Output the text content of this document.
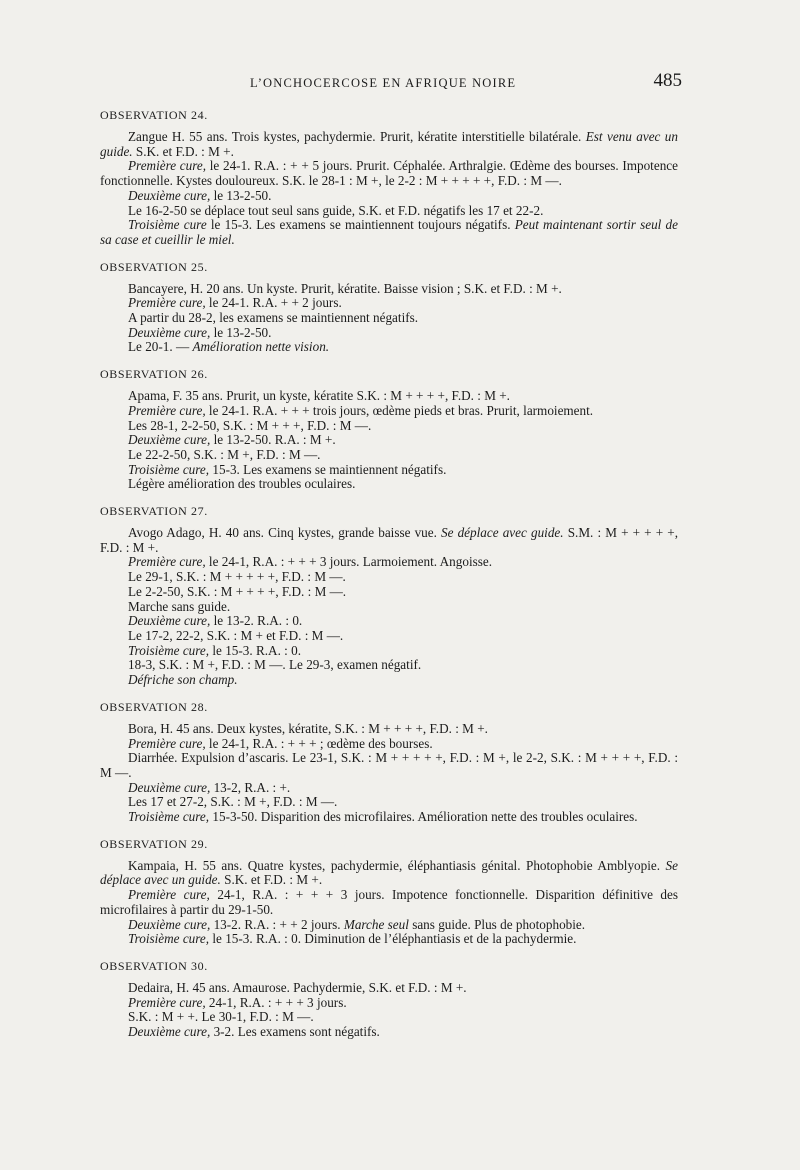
L’ONCHOCERCOSE EN AFRIQUE NOIRE	485
OBSERVATION 24.

Zangue H. 55 ans. Trois kystes, pachydermie. Prurit, kératite interstitielle bilatérale. Est venu avec un guide. S.K. et F.D. : M +.

Première cure, le 24-1. R.A. : + + 5 jours. Prurit. Céphalée. Arthralgie. Œdème des bourses. Impotence fonctionnelle. Kystes douloureux. S.K. le 28-1 : M +, le 2-2 : M + + + + +, F.D. : M —.

Deuxième cure, le 13-2-50.

Le 16-2-50 se déplace tout seul sans guide, S.K. et F.D. négatifs les 17 et 22-2.

Troisième cure le 15-3. Les examens se maintiennent toujours négatifs. Peut maintenant sortir seul de sa case et cueillir le miel.

OBSERVATION 25.

Bancayere, H. 20 ans. Un kyste. Prurit, kératite. Baisse vision ; S.K. et F.D. : M +.

Première cure, le 24-1. R.A. + + 2 jours.

A partir du 28-2, les examens se maintiennent négatifs.

Deuxième cure, le 13-2-50.

Le 20-1. — Amélioration nette vision.

OBSERVATION 26.

Apama, F. 35 ans. Prurit, un kyste, kératite S.K. : M + + + +, F.D. : M +.

Première cure, le 24-1. R.A. + + + trois jours, œdème pieds et bras. Prurit, larmoiement.

Les 28-1, 2-2-50, S.K. : M + + +, F.D. : M —.

Deuxième cure, le 13-2-50. R.A. : M +.

Le 22-2-50, S.K. : M +, F.D. : M —.

Troisième cure, 15-3. Les examens se maintiennent négatifs.

Légère amélioration des troubles oculaires.

OBSERVATION 27.

Avogo Adago, H. 40 ans. Cinq kystes, grande baisse vue. Se déplace avec guide. S.M. : M + + + + +, F.D. : M +.

Première cure, le 24-1, R.A. : + + + 3 jours. Larmoiement. Angoisse.

Le 29-1, S.K. : M + + + + +, F.D. : M —.

Le 2-2-50, S.K. : M + + + +, F.D. : M —.

Marche sans guide.

Deuxième cure, le 13-2. R.A. : 0.

Le 17-2, 22-2, S.K. : M + et F.D. : M —.

Troisième cure, le 15-3. R.A. : 0.

18-3, S.K. : M +, F.D. : M —. Le 29-3, examen négatif.

Défriche son champ.

OBSERVATION 28.

Bora, H. 45 ans. Deux kystes, kératite, S.K. : M + + + +, F.D. : M +.

Première cure, le 24-1, R.A. : + + + ; œdème des bourses.

Diarrhée. Expulsion d’ascaris. Le 23-1, S.K. : M + + + + +, F.D. : M +, le 2-2, S.K. : M + + + +, F.D. : M —.

Deuxième cure, 13-2, R.A. : +.

Les 17 et 27-2, S.K. : M +, F.D. : M —.

Troisième cure, 15-3-50. Disparition des microfilaires. Amélioration nette des troubles oculaires.

OBSERVATION 29.

Kampaia, H. 55 ans. Quatre kystes, pachydermie, éléphantiasis génital. Photophobie Amblyopie. Se déplace avec un guide. S.K. et F.D. : M +.

Première cure, 24-1, R.A. : + + + 3 jours. Impotence fonctionnelle. Disparition définitive des microfilaires à partir du 29-1-50.

Deuxième cure, 13-2. R.A. : + + 2 jours. Marche seul sans guide. Plus de photophobie.

Troisième cure, le 15-3. R.A. : 0. Diminution de l’éléphantiasis et de la pachydermie.

OBSERVATION 30.

Dedaira, H. 45 ans. Amaurose. Pachydermie, S.K. et F.D. : M +.

Première cure, 24-1, R.A. : + + + 3 jours.

S.K. : M + +. Le 30-1, F.D. : M —.

Deuxième cure, 3-2. Les examens sont négatifs.
